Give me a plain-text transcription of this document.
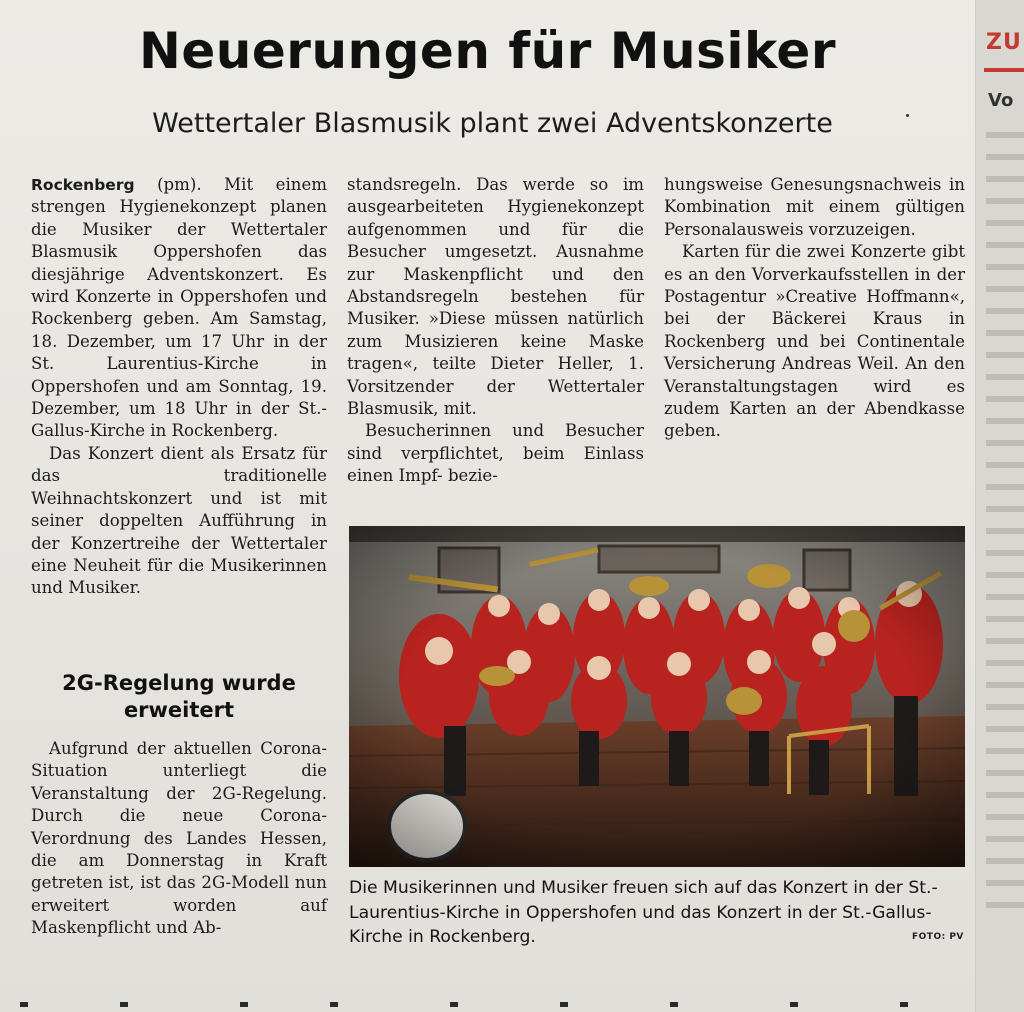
Neuerungen für Musiker
Wettertaler Blasmusik plant zwei Adventskonzerte

Rockenberg (pm). Mit einem strengen Hygienekonzept planen die Musiker der Wettertaler Blasmusik Oppershofen das diesjährige Adventskonzert. Es wird Konzerte in Oppershofen und Rockenberg geben. Am Samstag, 18. Dezember, um 17 Uhr in der St. Laurentius-Kirche in Oppershofen und am Sonntag, 19. Dezember, um 18 Uhr in der St.-Gallus-Kirche in Rockenberg.

Das Konzert dient als Ersatz für das traditionelle Weihnachtskonzert und ist mit seiner doppelten Aufführung in der Konzertreihe der Wettertaler eine Neuheit für die Musikerinnen und Musiker.

2G-Regelung wurde erweitert

Aufgrund der aktuellen Corona-Situation unterliegt die Veranstaltung der 2G-Regelung. Durch die neue Corona-Verordnung des Landes Hessen, die am Donnerstag in Kraft getreten ist, ist das 2G-Modell nun erweitert worden auf Maskenpflicht und Ab-

standsregeln. Das werde so im ausgearbeiteten Hygienekonzept aufgenommen und für die Besucher umgesetzt. Ausnahme zur Maskenpflicht und den Abstandsregeln bestehen für Musiker. »Diese müssen natürlich zum Musizieren keine Maske tragen«, teilte Dieter Heller, 1. Vorsitzender der Wettertaler Blasmusik, mit.

Besucherinnen und Besucher sind verpflichtet, beim Einlass einen Impf- bezie-

hungsweise Genesungsnachweis in Kombination mit einem gültigen Personalausweis vorzuzeigen.

Karten für die zwei Konzerte gibt es an den Vorverkaufsstellen in der Postagentur »Creative Hoffmann«, bei der Bäckerei Kraus in Rockenberg und bei Continentale Versicherung Andreas Weil. An den Veranstaltungstagen wird es zudem Karten an der Abendkasse geben.

Die Musikerinnen und Musiker freuen sich auf das Konzert in der St.-Laurentius-Kirche in Oppershofen und das Konzert in der St.-Gallus-Kirche in Rockenberg.	FOTO: PV
ZU
Vo
